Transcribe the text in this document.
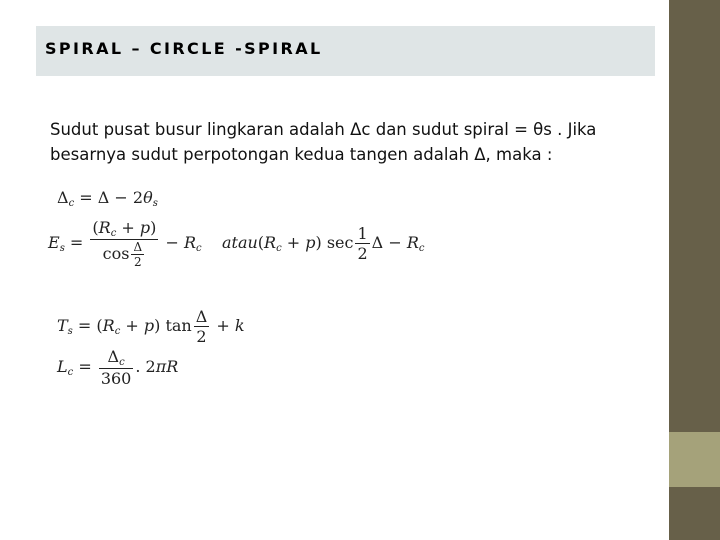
SPIRAL – CIRCLE -SPIRAL
Sudut pusat busur lingkaran adalah Δc dan sudut spiral = θs . Jika
besarnya sudut perpotongan kedua tangen adalah Δ, maka :
$\Delta_c = \Delta - 2\theta_s$
$E_s = \frac{(R_c + p)}{\cos \frac{\Delta}{2}} - R_c$ $atau(R_c + p)$ $\sec \frac{1}{2}$ $\Delta - R_c$
$T_s = (R_c + p)$ $\tan \frac{\Delta}{2} + k$
$L_c = \frac{\Delta_c}{360}$ . 2πR
